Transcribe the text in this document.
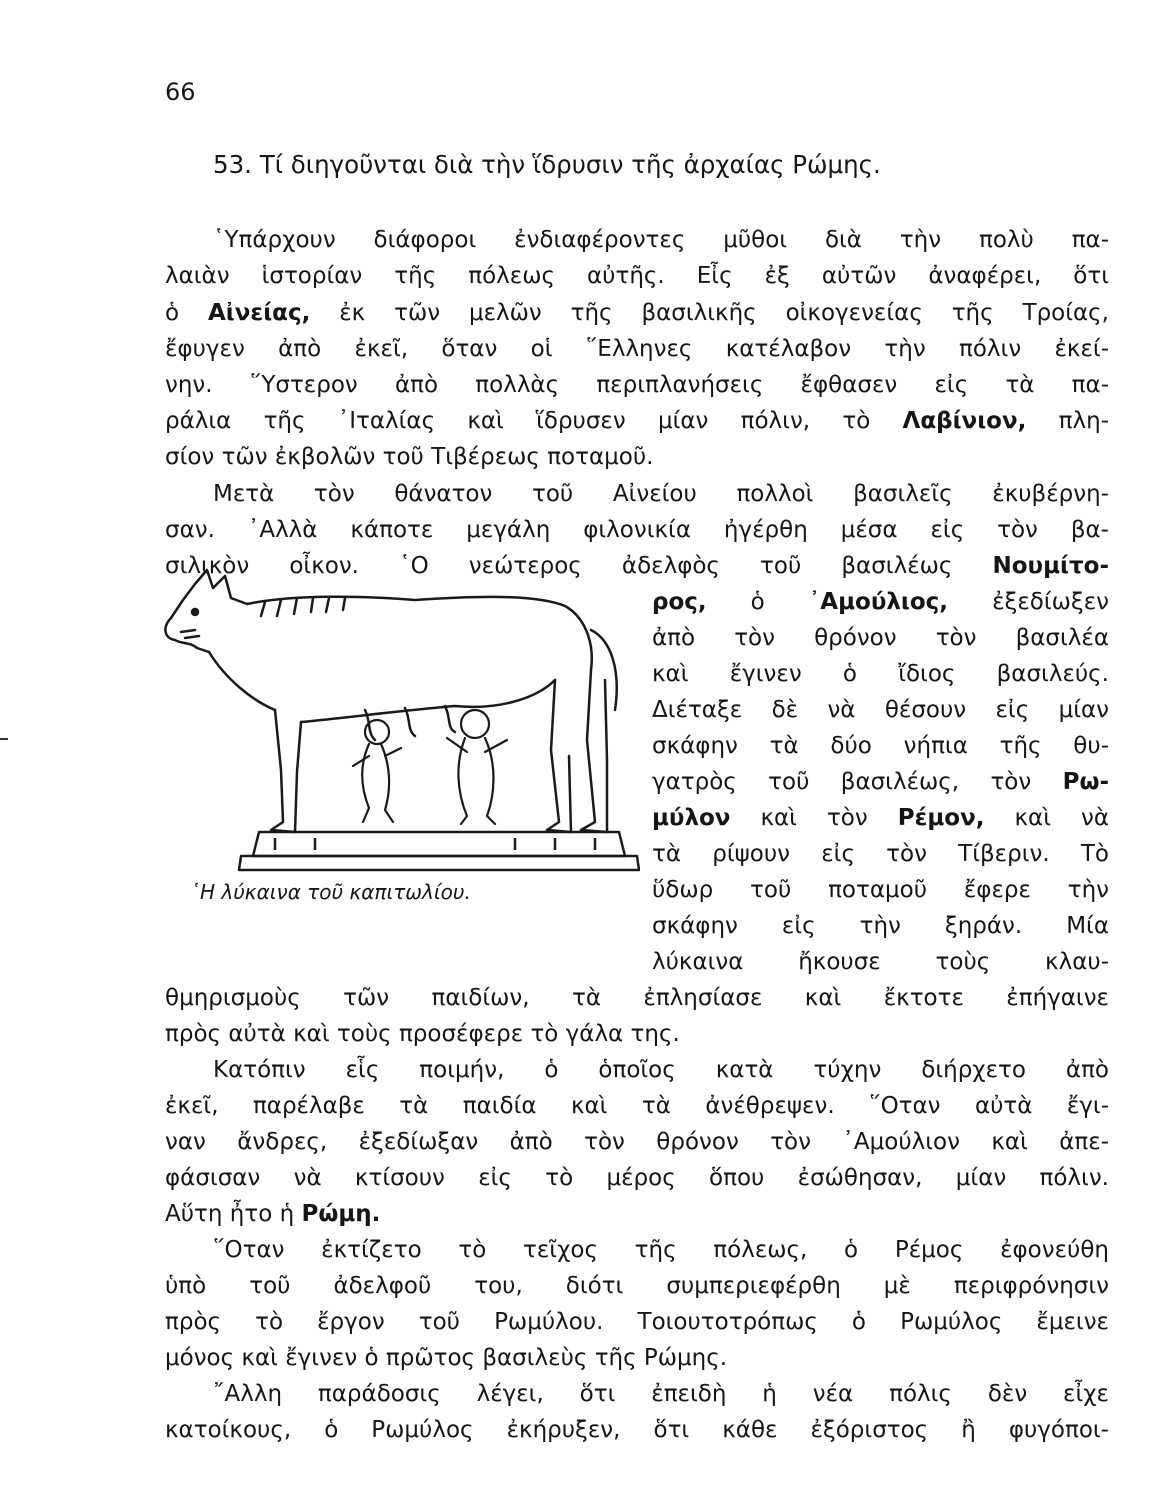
66
53. Τί διηγοῦνται διὰ τὴν ἵδρυσιν τῆς ἀρχαίας Ρώμης.
῾Υπάρχουν διάφοροι ἐνδιαφέροντες μῦθοι διὰ τὴν πολὺ πα-
λαιὰν ἱστορίαν τῆς πόλεως αὐτῆς. Εἶς ἐξ αὐτῶν ἀναφέρει, ὅτι
ὁ Αἰνείας, ἐκ τῶν μελῶν τῆς βασιλικῆς οἰκογενείας τῆς Τροίας,
ἔφυγεν ἀπὸ ἐκεῖ, ὅταν οἱ ῞Ελληνες κατέλαβον τὴν πόλιν ἐκεί-
νην. ῞Υστερον ἀπὸ πολλὰς περιπλανήσεις ἔφθασεν εἰς τὰ πα-
ράλια τῆς ᾿Ιταλίας καὶ ἵδρυσεν μίαν πόλιν, τὸ Λαβίνιον, πλη-
σίον τῶν ἐκβολῶν τοῦ Τιβέρεως ποταμοῦ.
Μετὰ τὸν θάνατον τοῦ Αἰνείου πολλοὶ βασιλεῖς ἐκυβέρνη-
σαν. ᾿Αλλὰ κάποτε μεγάλη φιλονικία ἠγέρθη μέσα εἰς τὸν βα-
σιλικὸν οἶκον. ῾Ο νεώτερος ἀδελφὸς τοῦ βασιλέως Νουμίτο-
ρος, ὁ ᾿Αμούλιος, ἐξεδίωξεν
ἀπὸ τὸν θρόνον τὸν βασιλέα
καὶ ἔγινεν ὁ ἴδιος βασιλεύς.
Διέταξε δὲ νὰ θέσουν εἰς μίαν
σκάφην τὰ δύο νήπια τῆς θυ-
γατρὸς τοῦ βασιλέως, τὸν Ρω-
μύλον καὶ τὸν Ρέμον, καὶ νὰ
τὰ ρίψουν εἰς τὸν Τίβεριν. Τὸ
ὕδωρ τοῦ ποταμοῦ ἔφερε τὴν
σκάφην εἰς τὴν ξηράν. Μία
λύκαινα ἤκουσε τοὺς κλαυ-
θμηρισμοὺς τῶν παιδίων, τὰ ἐπλησίασε καὶ ἔκτοτε ἐπήγαινε
πρὸς αὐτὰ καὶ τοὺς προσέφερε τὸ γάλα της.
Κατόπιν εἷς ποιμήν, ὁ ὁποῖος κατὰ τύχην διήρχετο ἀπὸ
ἐκεῖ, παρέλαβε τὰ παιδία καὶ τὰ ἀνέθρεψεν. ῞Οταν αὐτὰ ἔγι-
ναν ἄνδρες, ἐξεδίωξαν ἀπὸ τὸν θρόνον τὸν ᾿Αμούλιον καὶ ἀπε-
φάσισαν νὰ κτίσουν εἰς τὸ μέρος ὅπου ἐσώθησαν, μίαν πόλιν.
Αὕτη ἦτο ἡ Ρώμη.
῞Οταν ἐκτίζετο τὸ τεῖχος τῆς πόλεως, ὁ Ρέμος ἐφονεύθη
ὑπὸ τοῦ ἀδελφοῦ του, διότι συμπεριεφέρθη μὲ περιφρόνησιν
πρὸς τὸ ἔργον τοῦ Ρωμύλου. Τοιουτοτρόπως ὁ Ρωμύλος ἔμεινε
μόνος καὶ ἔγινεν ὁ πρῶτος βασιλεὺς τῆς Ρώμης.
῎Αλλη παράδοσις λέγει, ὅτι ἐπειδὴ ἡ νέα πόλις δὲν εἶχε
κατοίκους, ὁ Ρωμύλος ἐκήρυξεν, ὅτι κάθε ἐξόριστος ἢ φυγόποι-
῾Η λύκαινα τοῦ καπιτωλίου.
